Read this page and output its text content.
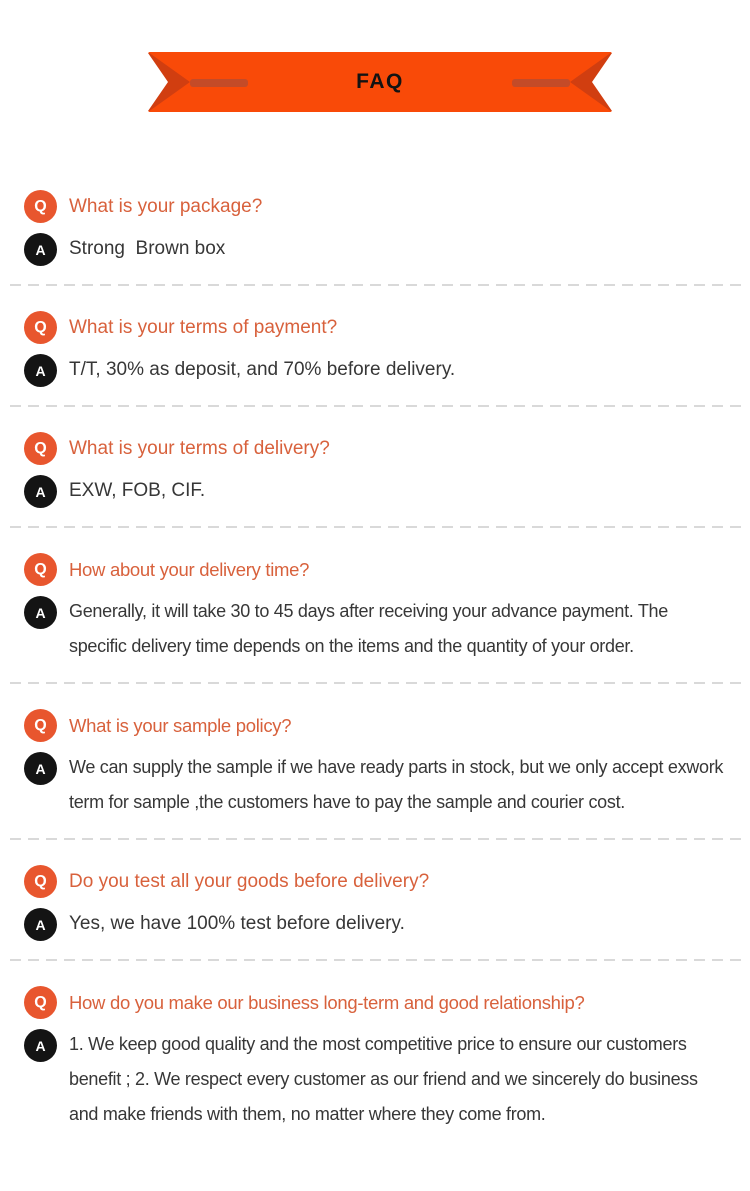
FAQ
Q What is your package?
A Strong  Brown box
Q What is your terms of payment?
A T/T, 30% as deposit, and 70% before delivery.
Q What is your terms of delivery?
A EXW, FOB, CIF.
Q How about your delivery time?
A Generally, it will take 30 to 45 days after receiving your advance payment. The specific delivery time depends on the items and the quantity of your order.
Q What is your sample policy?
A We can supply the sample if we have ready parts in stock, but we only accept exwork term for sample ,the customers have to pay the sample and courier cost.
Q Do you test all your goods before delivery?
A Yes, we have 100% test before delivery.
Q How do you make our business long-term and good relationship?
A 1. We keep good quality and the most competitive price to ensure our customers benefit ; 2. We respect every customer as our friend and we sincerely do business and make friends with them, no matter where they come from.
